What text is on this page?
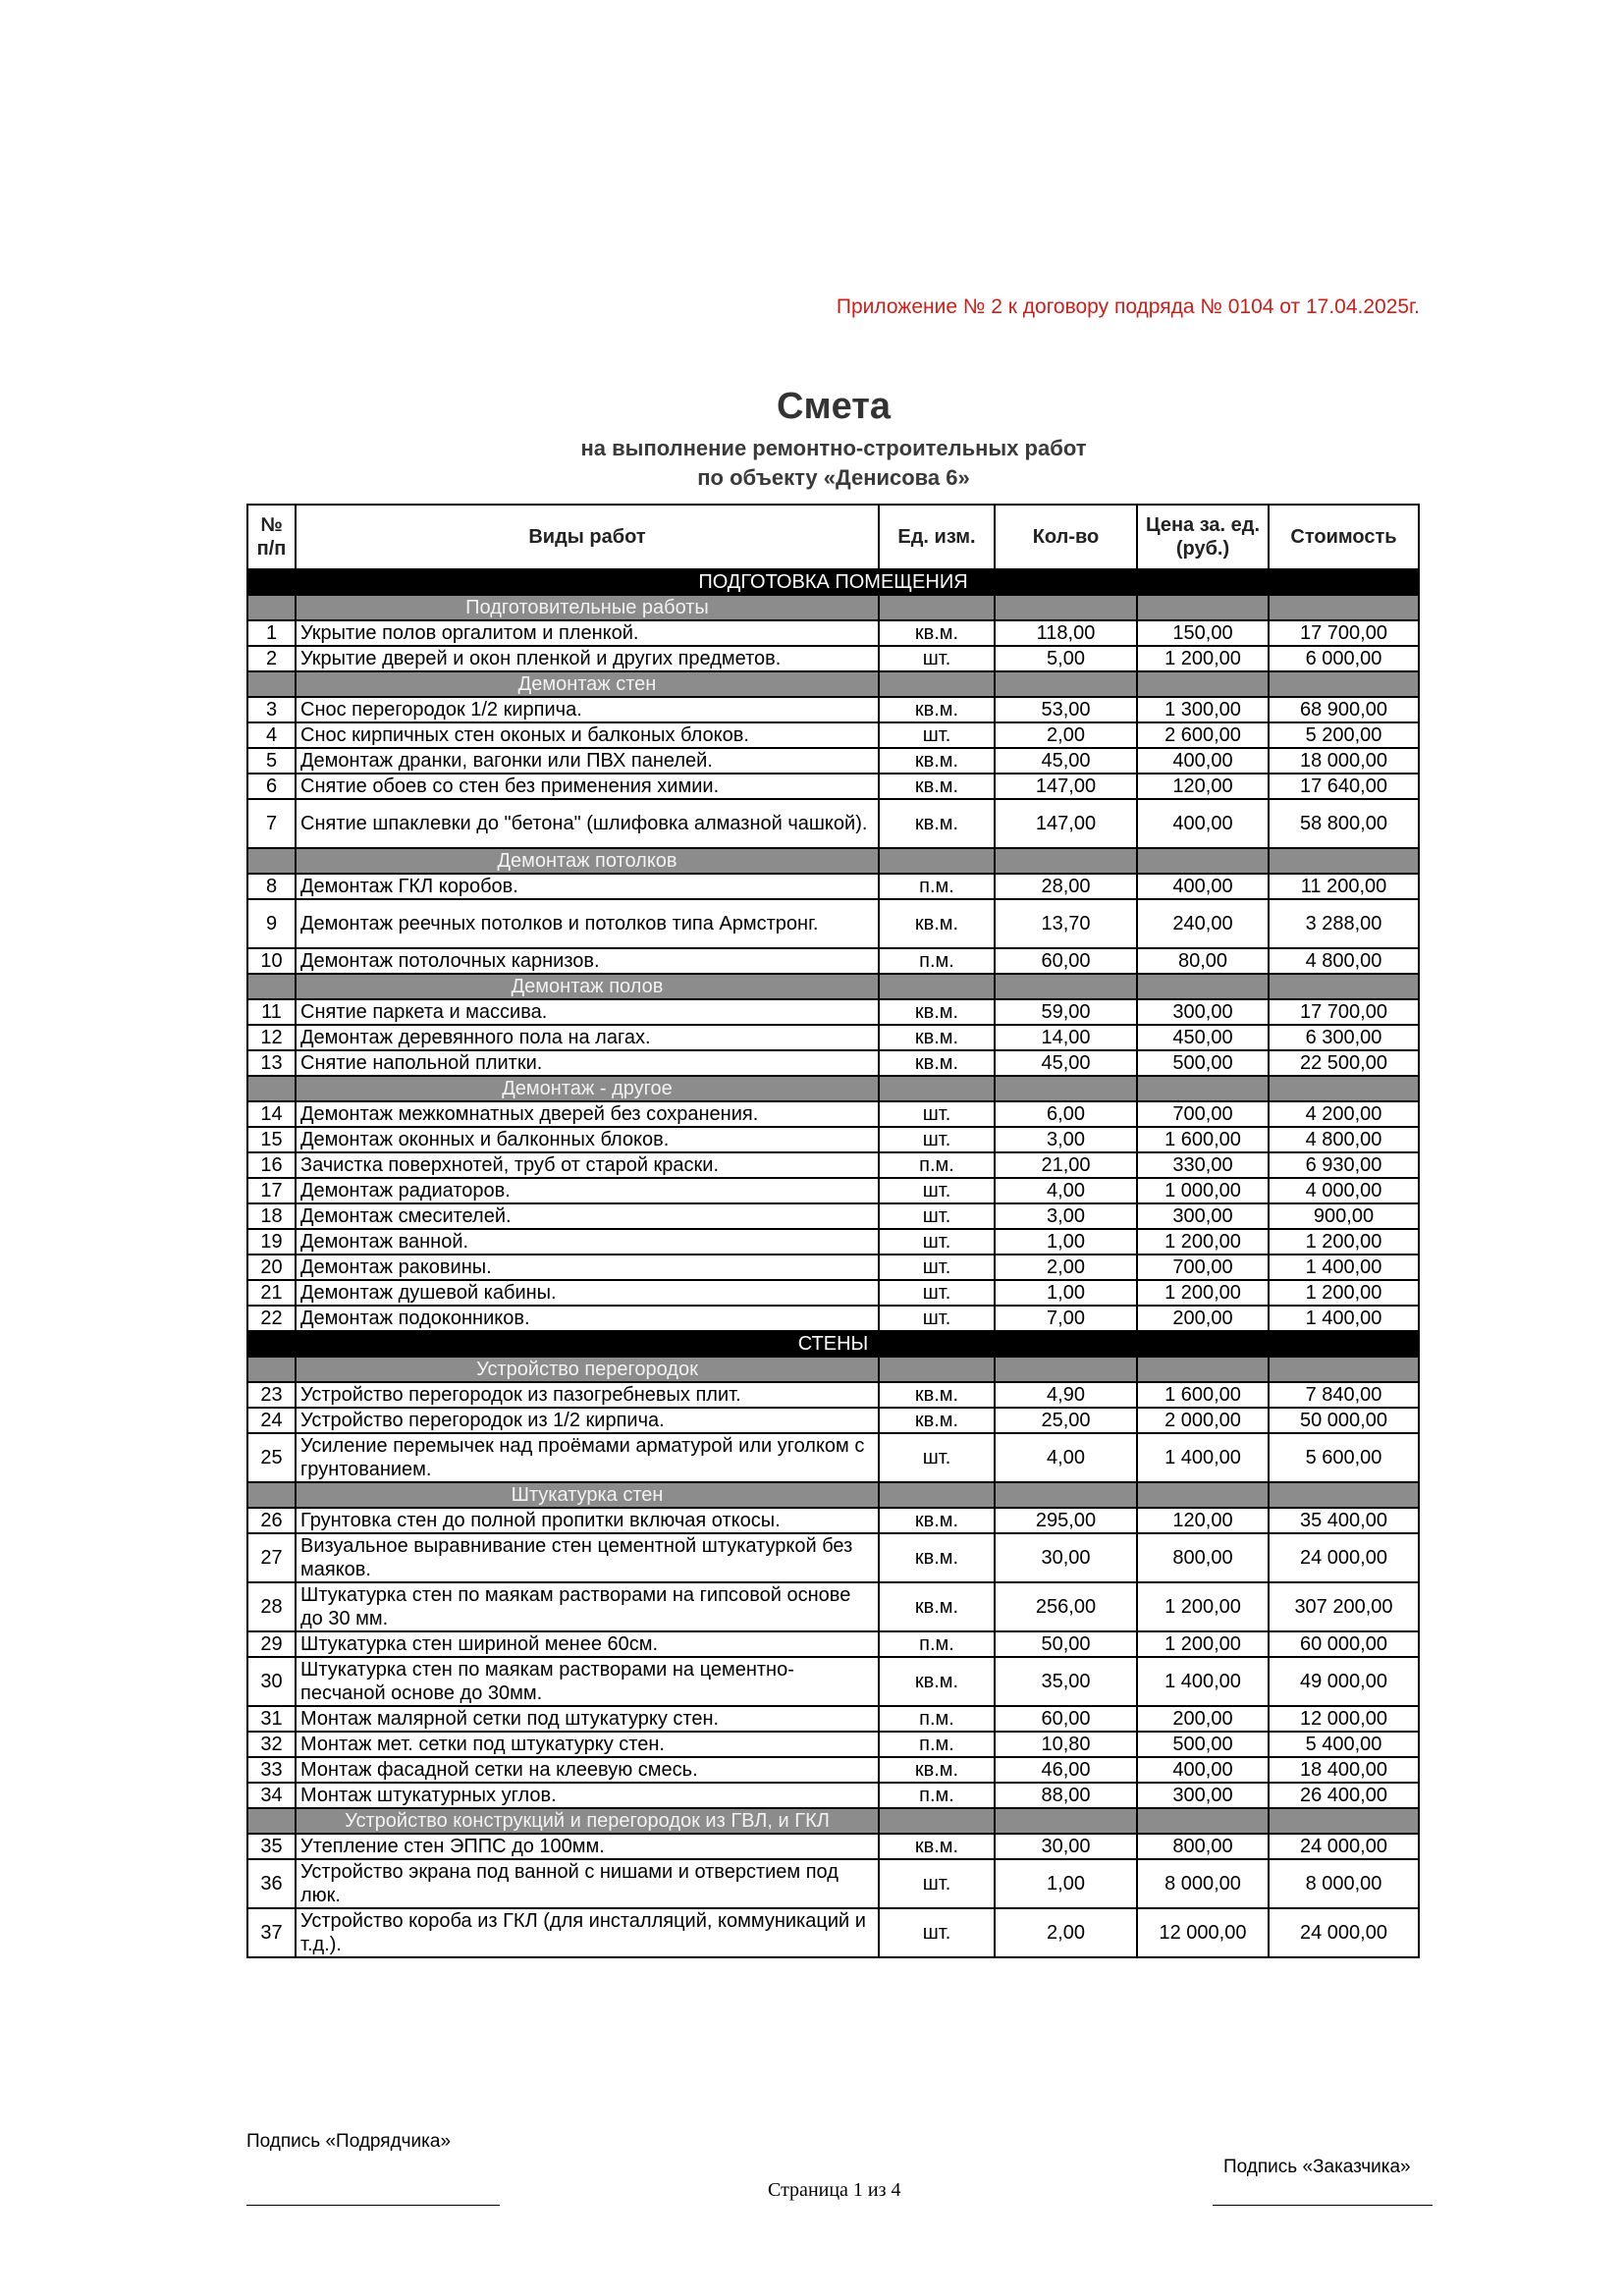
Приложение № 2 к договору подряда № 0104 от 17.04.2025г.
Смета
на выполнение ремонтно-строительных работ
по объекту «Денисова 6»
№ п/п	Виды работ	Ед. изм.	Кол-во	Цена за. ед. (руб.)	Стоимость
ПОДГОТОВКА ПОМЕЩЕНИЯ					
	Подготовительные работы				
1	Укрытие полов оргалитом и пленкой.	кв.м.	118,00	150,00	17 700,00
2	Укрытие дверей и окон пленкой и других предметов.	шт.	5,00	1 200,00	6 000,00
	Демонтаж стен				
3	Снос перегородок 1/2 кирпича.	кв.м.	53,00	1 300,00	68 900,00
4	Снос кирпичных стен оконых и балконых блоков.	шт.	2,00	2 600,00	5 200,00
5	Демонтаж дранки, вагонки или ПВХ панелей.	кв.м.	45,00	400,00	18 000,00
6	Снятие обоев со стен без применения химии.	кв.м.	147,00	120,00	17 640,00
7	Снятие шпаклевки до "бетона" (шлифовка алмазной чашкой).	кв.м.	147,00	400,00	58 800,00
	Демонтаж потолков				
8	Демонтаж ГКЛ коробов.	п.м.	28,00	400,00	11 200,00
9	Демонтаж реечных потолков и потолков типа Армстронг.	кв.м.	13,70	240,00	3 288,00
10	Демонтаж потолочных карнизов.	п.м.	60,00	80,00	4 800,00
	Демонтаж полов				
11	Снятие паркета и массива.	кв.м.	59,00	300,00	17 700,00
12	Демонтаж деревянного пола на лагах.	кв.м.	14,00	450,00	6 300,00
13	Снятие напольной плитки.	кв.м.	45,00	500,00	22 500,00
	Демонтаж - другое				
14	Демонтаж межкомнатных дверей без сохранения.	шт.	6,00	700,00	4 200,00
15	Демонтаж оконных и балконных блоков.	шт.	3,00	1 600,00	4 800,00
16	Зачистка поверхнотей, труб от старой краски.	п.м.	21,00	330,00	6 930,00
17	Демонтаж радиаторов.	шт.	4,00	1 000,00	4 000,00
18	Демонтаж смесителей.	шт.	3,00	300,00	900,00
19	Демонтаж ванной.	шт.	1,00	1 200,00	1 200,00
20	Демонтаж раковины.	шт.	2,00	700,00	1 400,00
21	Демонтаж душевой кабины.	шт.	1,00	1 200,00	1 200,00
22	Демонтаж подоконников.	шт.	7,00	200,00	1 400,00
СТЕНЫ					
	Устройство перегородок				
23	Устройство перегородок из пазогребневых плит.	кв.м.	4,90	1 600,00	7 840,00
24	Устройство перегородок из 1/2 кирпича.	кв.м.	25,00	2 000,00	50 000,00
25	Усиление перемычек над проёмами арматурой или уголком с грунтованием.	шт.	4,00	1 400,00	5 600,00
	Штукатурка стен				
26	Грунтовка стен до полной пропитки включая откосы.	кв.м.	295,00	120,00	35 400,00
27	Визуальное выравнивание стен цементной штукатуркой без маяков.	кв.м.	30,00	800,00	24 000,00
28	Штукатурка стен по маякам растворами на гипсовой основе до 30 мм.	кв.м.	256,00	1 200,00	307 200,00
29	Штукатурка стен шириной менее 60см.	п.м.	50,00	1 200,00	60 000,00
30	Штукатурка стен по маякам растворами на цементно-песчаной основе до 30мм.	кв.м.	35,00	1 400,00	49 000,00
31	Монтаж малярной сетки под штукатурку стен.	п.м.	60,00	200,00	12 000,00
32	Монтаж мет. сетки под штукатурку стен.	п.м.	10,80	500,00	5 400,00
33	Монтаж фасадной сетки на клеевую смесь.	кв.м.	46,00	400,00	18 400,00
34	Монтаж штукатурных углов.	п.м.	88,00	300,00	26 400,00
	Устройство конструкций и перегородок из ГВЛ, и ГКЛ				
35	Утепление стен ЭППС до 100мм.	кв.м.	30,00	800,00	24 000,00
36	Устройство экрана под ванной с нишами и отверстием под люк.	шт.	1,00	8 000,00	8 000,00
37	Устройство короба из ГКЛ (для инсталляций, коммуникаций и т.д.).	шт.	2,00	12 000,00	24 000,00
Подпись «Подрядчика»
Страница 1 из 4
Подпись «Заказчика»
